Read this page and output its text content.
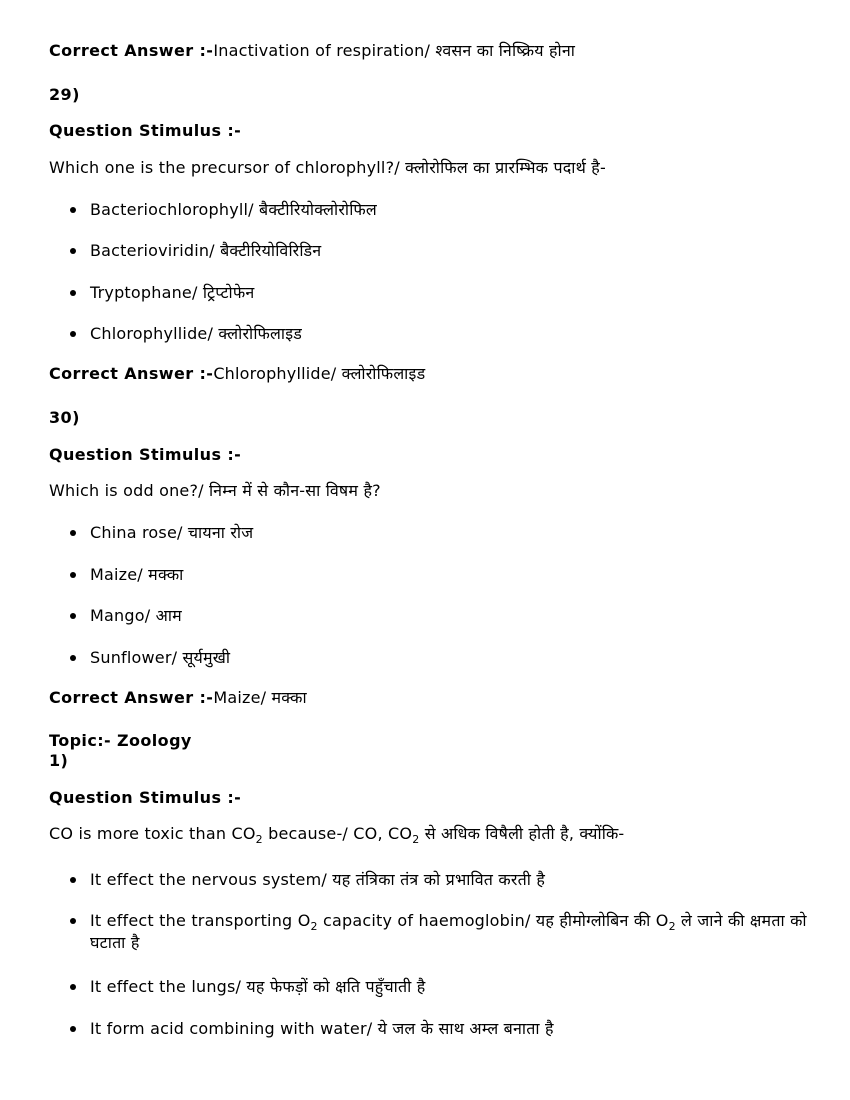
Correct Answer :-Inactivation of respiration/ श्वसन का निष्क्रिय होना
29)
Question Stimulus :-
Which one is the precursor of chlorophyll?/ क्लोरोफिल का प्रारम्भिक पदार्थ है-
Bacteriochlorophyll/ बैक्टीरियोक्लोरोफिल
Bacterioviridin/ बैक्टीरियोविरिडिन
Tryptophane/ ट्रिप्टोफेन
Chlorophyllide/ क्लोरोफिलाइड
Correct Answer :-Chlorophyllide/ क्लोरोफिलाइड
30)
Question Stimulus :-
Which is odd one?/ निम्न में से कौन-सा विषम है?
China rose/ चायना रोज
Maize/ मक्का
Mango/ आम
Sunflower/ सूर्यमुखी
Correct Answer :-Maize/ मक्का
Topic:- Zoology
1)
Question Stimulus :-
CO is more toxic than $CO_2$ because-/ CO, $CO_2$ से अधिक विषैली होती है, क्योंकि-
It effect the nervous system/ यह तंत्रिका तंत्र को प्रभावित करती है
It effect the transporting $O_2$ capacity of haemoglobin/ यह हीमोग्लोबिन की $O_2$ ले जाने की क्षमता को घटाता है
It effect the lungs/ यह फेफड़ों को क्षति पहुँचाती है
It form acid combining with water/ ये जल के साथ अम्ल बनाता है
